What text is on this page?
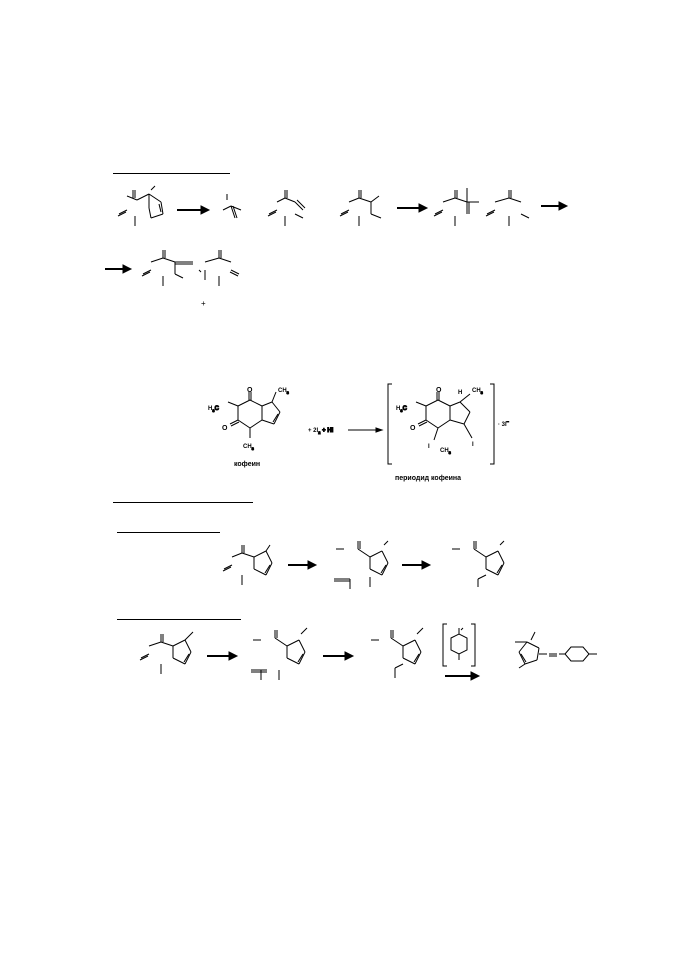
+
O
O
$H_3C$
$CH_3$
$CH_3$
кофеин
+ $2I_2$ + HI
O
O
$H_3C$
H $CH_3$
I
$CH_3$
I
· 3I−
периодид кофеина
